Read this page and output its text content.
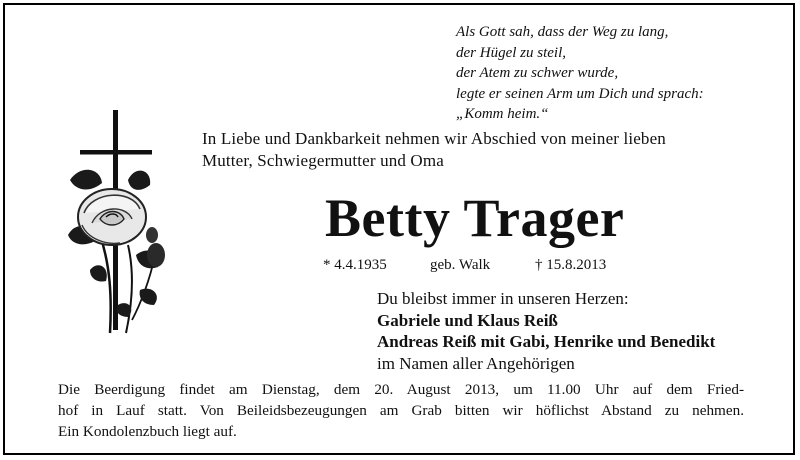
Als Gott sah, dass der Weg zu lang,
der Hügel zu steil,
der Atem zu schwer wurde,
legte er seinen Arm um Dich und sprach:
„Komm heim.“
In Liebe und Dankbarkeit nehmen wir Abschied von meiner lieben
Mutter, Schwiegermutter und Oma
Betty Trager
* 4.4.1935	geb. Walk	† 15.8.2013
Du bleibst immer in unseren Herzen:
Gabriele und Klaus Reiß
Andreas Reiß mit Gabi, Henrike und Benedikt
im Namen aller Angehörigen
Die Beerdigung findet am Dienstag, dem 20. August 2013, um 11.00 Uhr auf dem Fried-
hof in Lauf statt. Von Beileidsbezeugungen am Grab bitten wir höflichst Abstand zu nehmen.
Ein Kondolenzbuch liegt auf.
